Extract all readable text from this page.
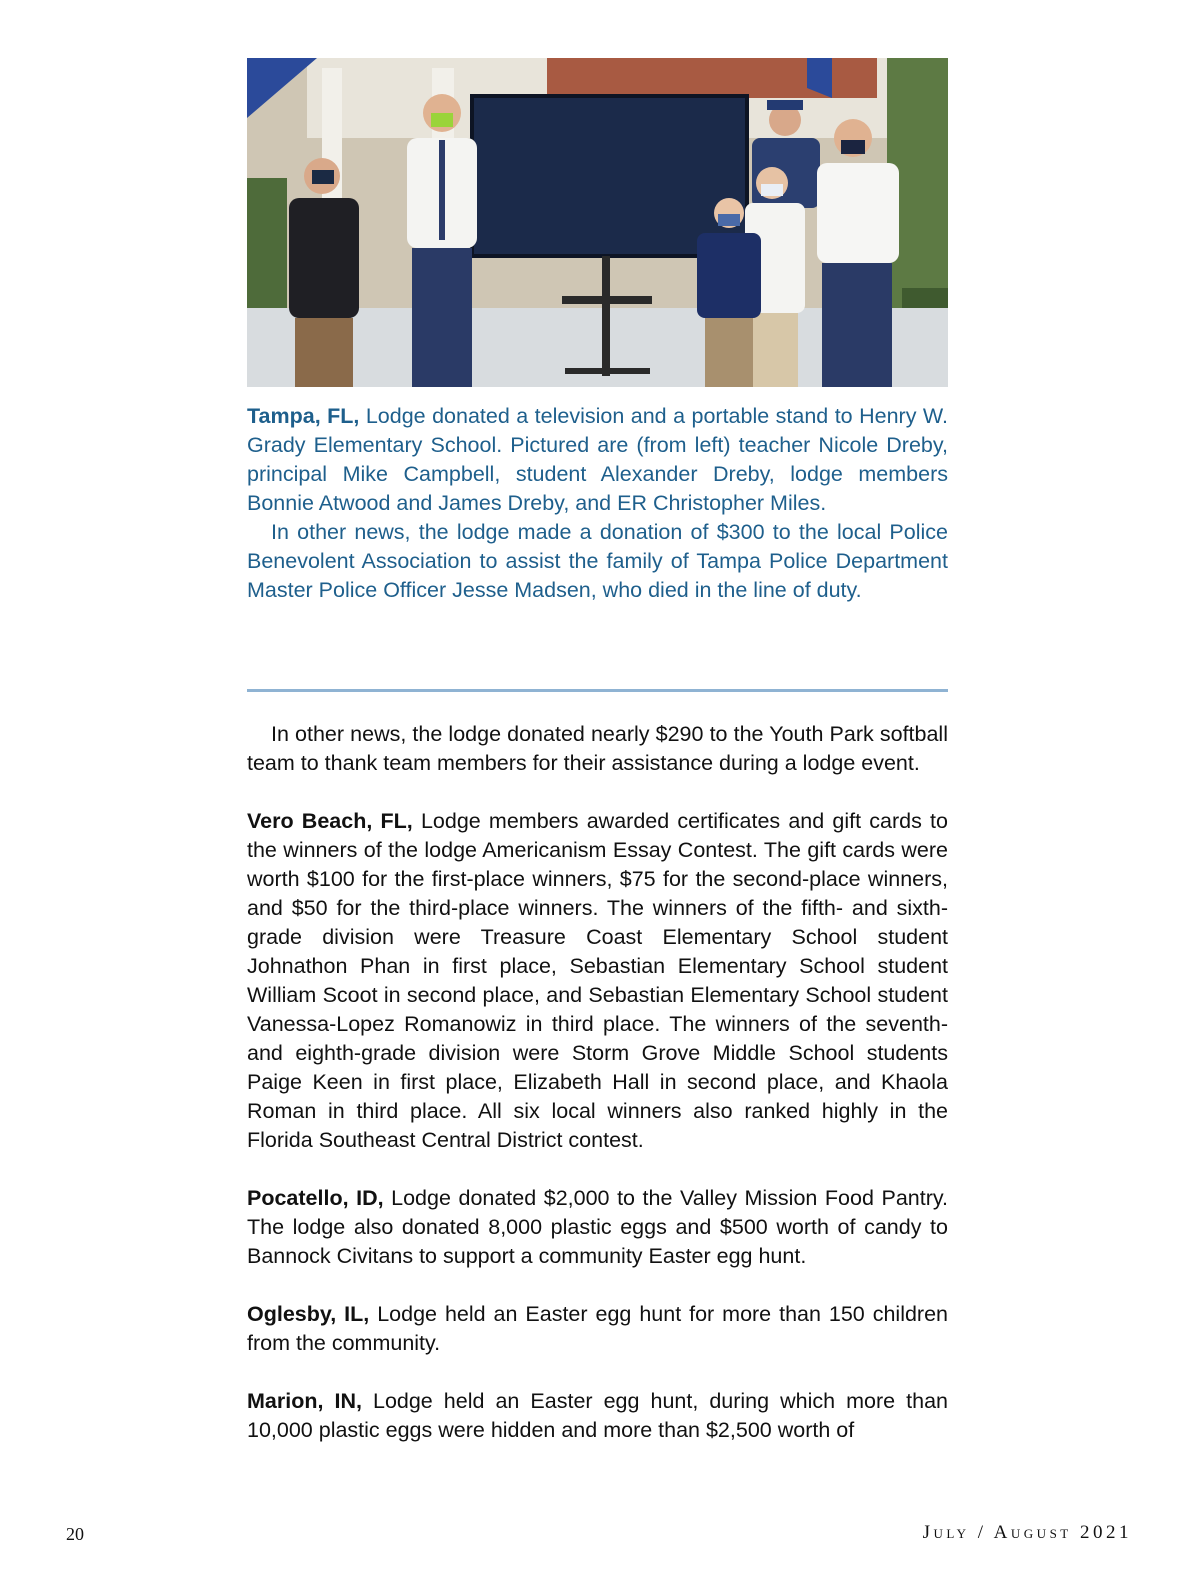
Tampa, FL, Lodge donated a television and a portable stand to Henry W. Grady Elementary School. Pictured are (from left) teacher Nicole Dreby, principal Mike Campbell, student Alexander Dreby, lodge members Bonnie Atwood and James Dreby, and ER Christopher Miles.

In other news, the lodge made a donation of $300 to the local Police Benevolent Association to assist the family of Tampa Police Department Master Police Officer Jesse Madsen, who died in the line of duty.

In other news, the lodge donated nearly $290 to the Youth Park softball team to thank team members for their assistance during a lodge event.

Vero Beach, FL, Lodge members awarded certificates and gift cards to the winners of the lodge Americanism Essay Contest. The gift cards were worth $100 for the first-place winners, $75 for the second-place winners, and $50 for the third-place winners. The winners of the fifth- and sixth-grade division were Treasure Coast Elementary School student Johnathon Phan in first place, Sebastian Elementary School student William Scoot in second place, and Sebastian Elementary School student Vanessa-Lopez Romanowiz in third place. The winners of the seventh- and eighth-grade division were Storm Grove Middle School students Paige Keen in first place, Elizabeth Hall in second place, and Khaola Roman in third place. All six local winners also ranked highly in the Florida Southeast Central District contest.

Pocatello, ID, Lodge donated $2,000 to the Valley Mission Food Pantry. The lodge also donated 8,000 plastic eggs and $500 worth of candy to Bannock Civitans to support a community Easter egg hunt.

Oglesby, IL, Lodge held an Easter egg hunt for more than 150 children from the community.

Marion, IN, Lodge held an Easter egg hunt, during which more than 10,000 plastic eggs were hidden and more than $2,500 worth of

20	July / August 2021
